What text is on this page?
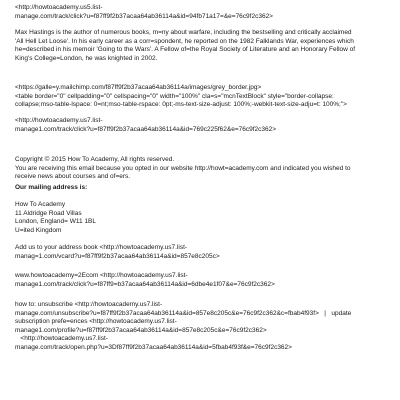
<http://howtoacademy.us5.list-
manage.com/track/click?u=f87ff9f2b37acaa64ab36114a&id=94fb71a17=&e=76c9f2c362>
Max Hastings is the author of numerous books, m=ny about warfare, including the bestselling and critically acclaimed
'All Hell Let Loose'. In his early career as a corr=spondent, he reported on the 1982 Falklands War, experiences which
he=described in his memoir 'Going to the Wars'. A Fellow of=the Royal Society of Literature and an Honorary Fellow of
King's College=London, he was knighted in 2002.
<https://galle=y.mailchimp.com/f87ff9f2b37acaa64ab36114a/images/grey_border.jpg>
<table border="0" cellpadding="0" cellspacing="0" width="100%" cla=s="mcnTextBlock" style="border-collapse:
collapse;mso-table-lspace: 0=nt;mso-table-rspace: 0pt;-ms-text-size-adjust: 100%;-webkit-text-size-adju=t: 100%;">
<http://howtoacademy.us7.list-
manage1.com/track/click?u=f87ff9f2b37acaa64ab36114a&id=769c225f62&e=76c9f2c362>
Copyright © 2015 How To Academy, All rights reserved.
You are receiving this email because you opted in our website http://howt=academy.com and indicated you wished to
receive news about courses and of=ers.
Our mailing address is:
How To Academy
11 Aldridge Road Villas
London, England= W11 1BL
U=ited Kingdom
Add us to your address book <http://howtoacademy.us7.list-
manag=1.com/vcard?u=f87ff9f2b37acaa64ab36114a&id=857e8c205c>
www.howtoacademy=2Ecom <http://howtoacademy.us7.list-
manage1.com/track/click?u=f87ff9=b37acaa64ab36114a&id=6dbe4e1f07&e=76c9f2c362>
how to: unsubscribe <http://howtoacademy.us7.list-
manage.com/unsubscribe?u=f87ff9f2b37acaa64ab36114a&id=857e8c205c&e=76c9f2c362&c=fbab4f93f>   |   update
subscription prefe=ences <http://howtoacademy.us7.list-
manage1.com/profile?u=f87ff9f2b37acaa64ab36114a&id=857e8c205c&e=76c9f2c362>
<http://howtoacademy.us7.list-
manage.com/track/open.php?u=3Df87ff9f2b37acaa64ab36114a&id=5fbab4f93f&e=76c9f2c362>
